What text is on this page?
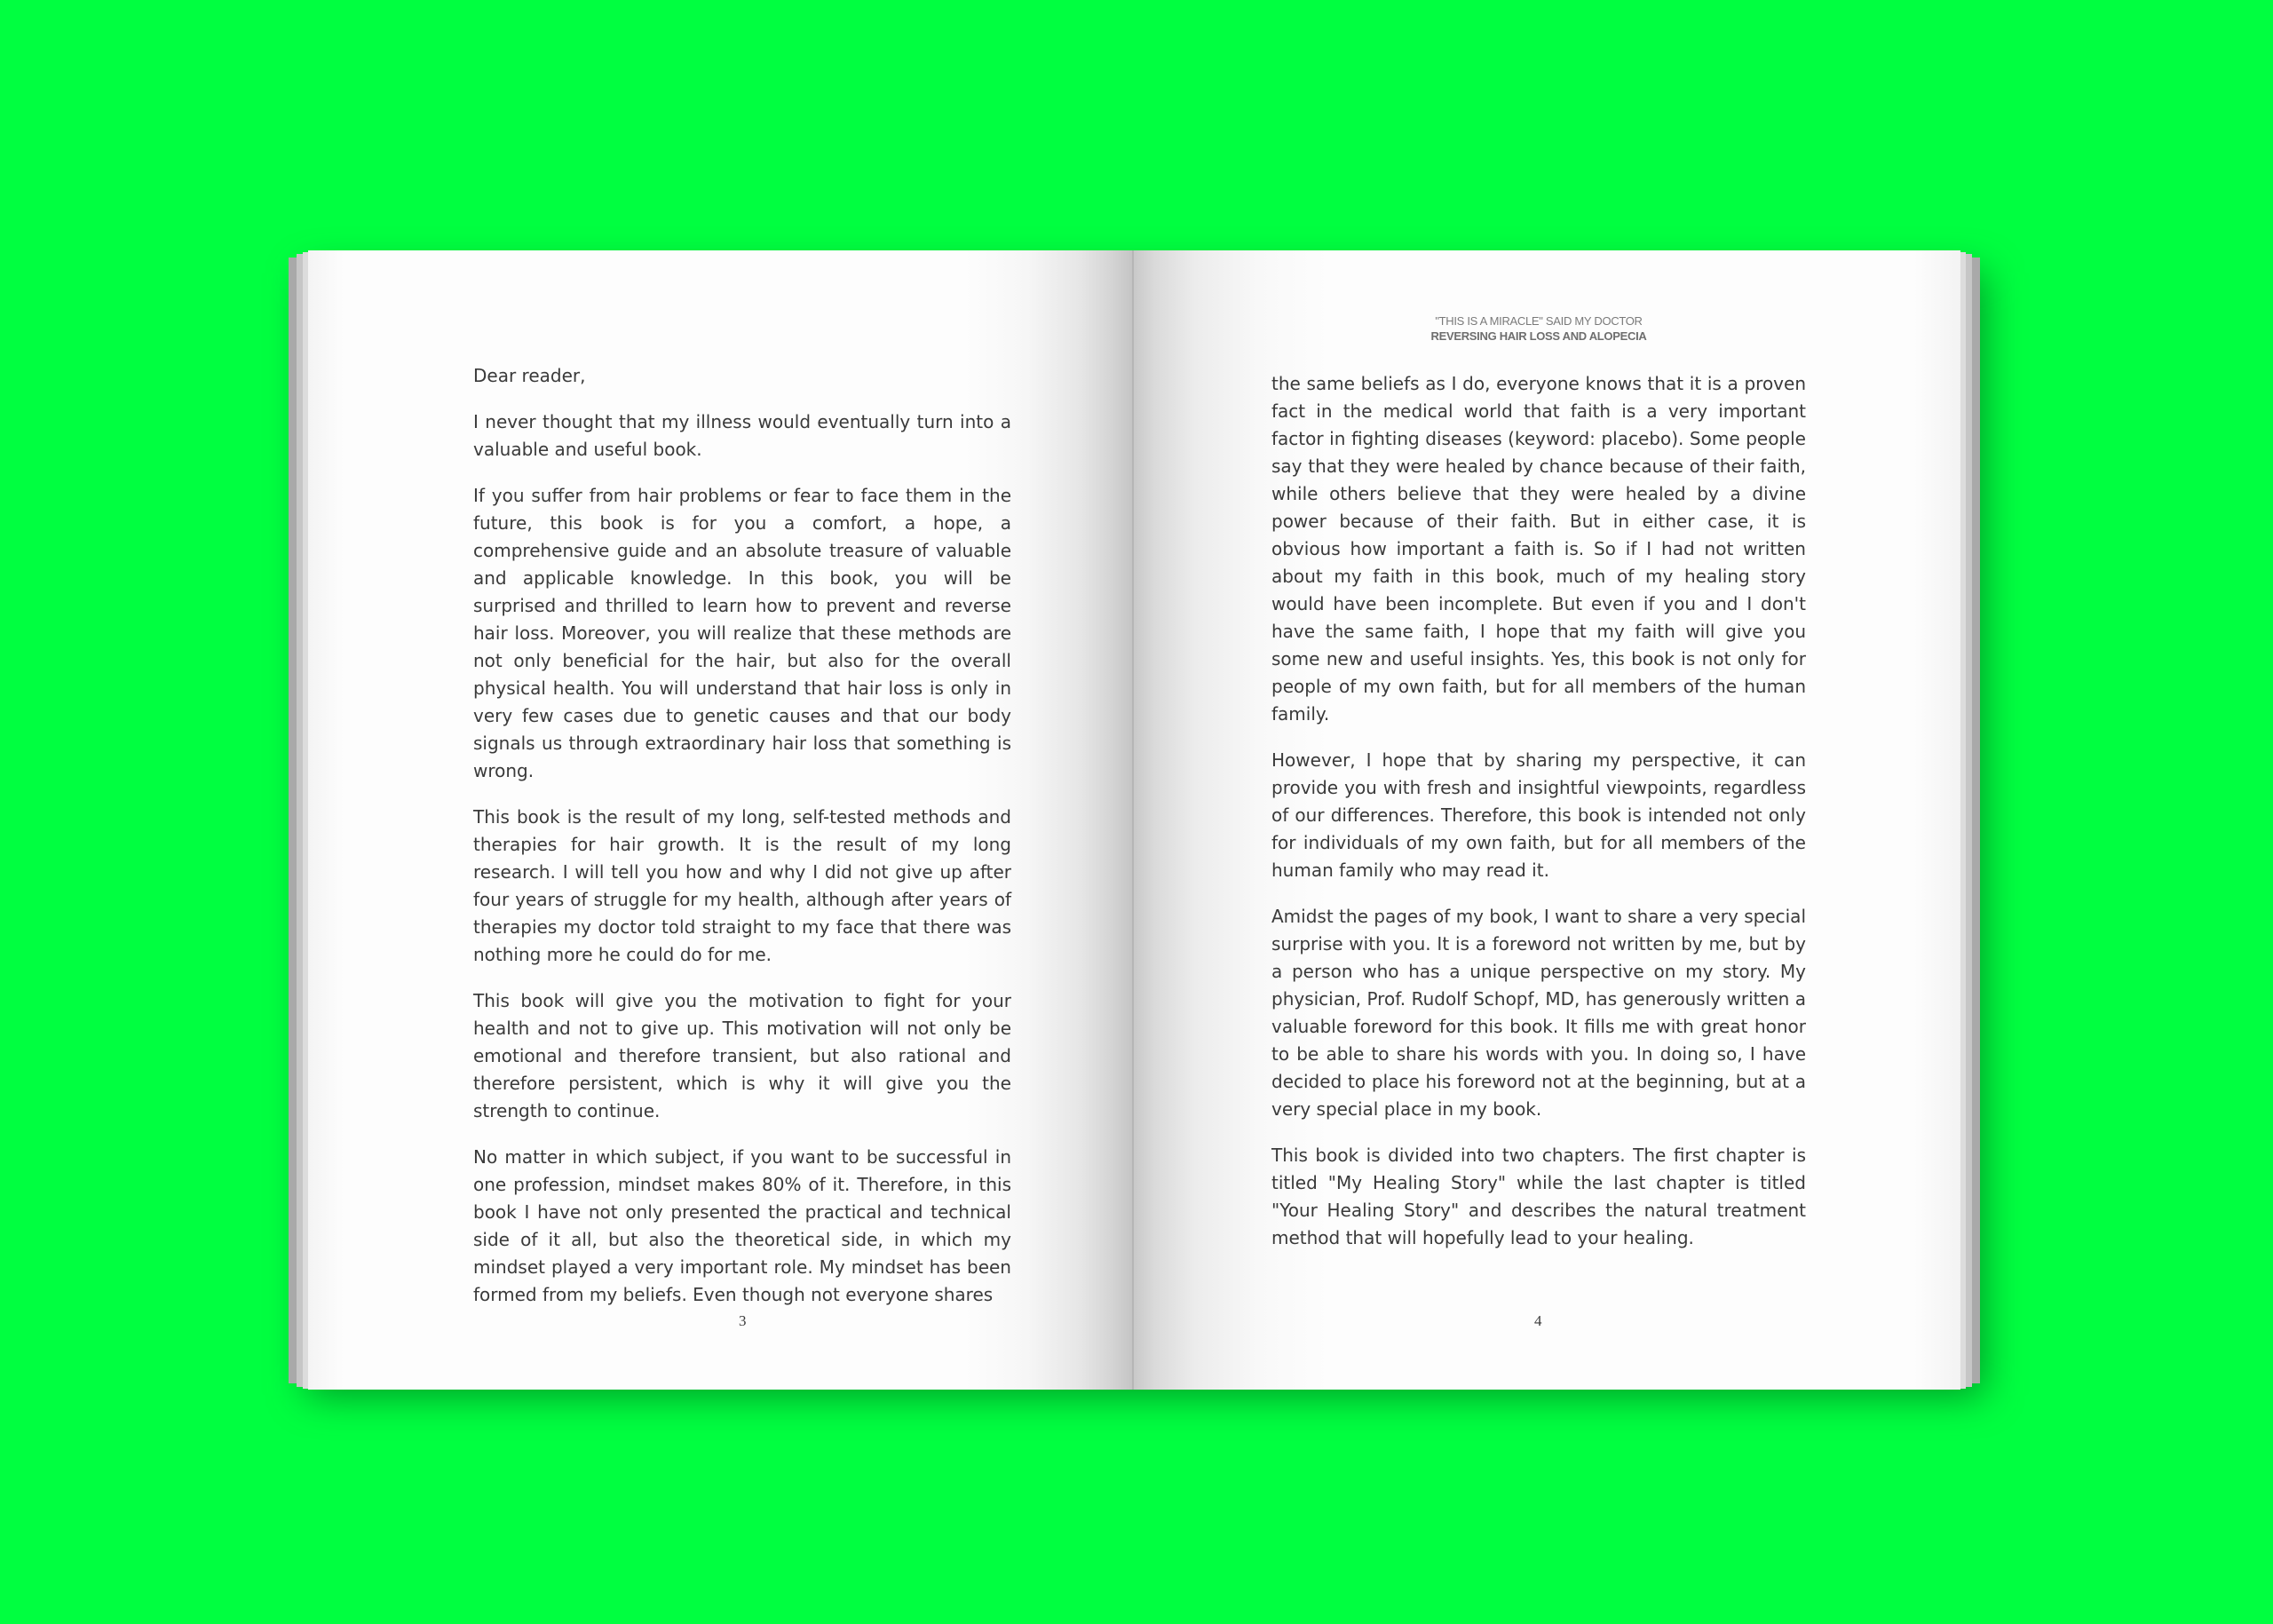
Dear reader,

I never thought that my illness would eventually turn into a valuable and useful book.

If you suffer from hair problems or fear to face them in the future, this book is for you a comfort, a hope, a comprehensive guide and an absolute treasure of valuable and applicable knowledge. In this book, you will be surprised and thrilled to learn how to prevent and reverse hair loss. Moreover, you will realize that these methods are not only beneficial for the hair, but also for the overall physical health. You will understand that hair loss is only in very few cases due to genetic causes and that our body signals us through extraordinary hair loss that something is wrong.

This book is the result of my long, self-tested methods and therapies for hair growth. It is the result of my long research. I will tell you how and why I did not give up after four years of struggle for my health, although after years of therapies my doctor told straight to my face that there was nothing more he could do for me.

This book will give you the motivation to fight for your health and not to give up. This motivation will not only be emotional and therefore transient, but also rational and therefore persistent, which is why it will give you the strength to continue.

No matter in which subject, if you want to be successful in one profession, mindset makes 80% of it. Therefore, in this book I have not only presented the practical and technical side of it all, but also the theoretical side, in which my mindset played a very important role. My mindset has been formed from my beliefs. Even though not everyone shares

3
"THIS IS A MIRACLE" SAID MY DOCTOR
REVERSING HAIR LOSS AND ALOPECIA

the same beliefs as I do, everyone knows that it is a proven fact in the medical world that faith is a very important factor in fighting diseases (keyword: placebo). Some people say that they were healed by chance because of their faith, while others believe that they were healed by a divine power because of their faith. But in either case, it is obvious how important a faith is. So if I had not written about my faith in this book, much of my healing story would have been incomplete. But even if you and I don't have the same faith, I hope that my faith will give you some new and useful insights. Yes, this book is not only for people of my own faith, but for all members of the human family.

However, I hope that by sharing my perspective, it can provide you with fresh and insightful viewpoints, regardless of our differences. Therefore, this book is intended not only for individuals of my own faith, but for all members of the human family who may read it.

Amidst the pages of my book, I want to share a very special surprise with you. It is a foreword not written by me, but by a person who has a unique perspective on my story. My physician, Prof. Rudolf Schopf, MD, has generously written a valuable foreword for this book. It fills me with great honor to be able to share his words with you. In doing so, I have decided to place his foreword not at the beginning, but at a very special place in my book.

This book is divided into two chapters. The first chapter is titled "My Healing Story" while the last chapter is titled "Your Healing Story" and describes the natural treatment method that will hopefully lead to your healing.

4
